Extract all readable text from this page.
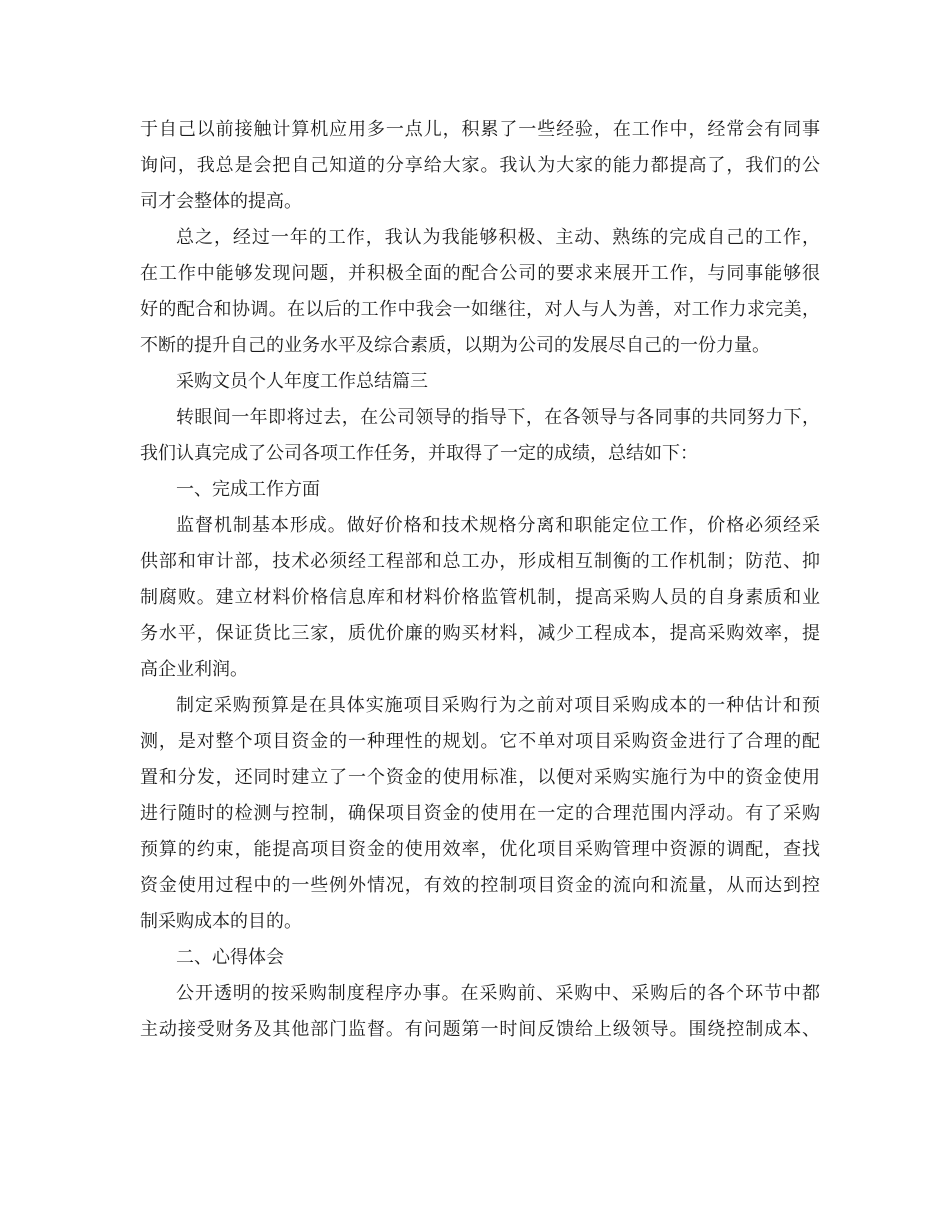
于自己以前接触计算机应用多一点儿，积累了一些经验，在工作中，经常会有同事
询问，我总是会把自己知道的分享给大家。我认为大家的能力都提高了，我们的公
司才会整体的提高。
总之，经过一年的工作，我认为我能够积极、主动、熟练的完成自己的工作，
在工作中能够发现问题，并积极全面的配合公司的要求来展开工作，与同事能够很
好的配合和协调。在以后的工作中我会一如继往，对人与人为善，对工作力求完美，
不断的提升自己的业务水平及综合素质，以期为公司的发展尽自己的一份力量。
采购文员个人年度工作总结篇三
转眼间一年即将过去，在公司领导的指导下，在各领导与各同事的共同努力下，
我们认真完成了公司各项工作任务，并取得了一定的成绩，总结如下：
一、完成工作方面
监督机制基本形成。做好价格和技术规格分离和职能定位工作，价格必须经采
供部和审计部，技术必须经工程部和总工办，形成相互制衡的工作机制；防范、抑
制腐败。建立材料价格信息库和材料价格监管机制，提高采购人员的自身素质和业
务水平，保证货比三家，质优价廉的购买材料，减少工程成本，提高采购效率，提
高企业利润。
制定采购预算是在具体实施项目采购行为之前对项目采购成本的一种估计和预
测，是对整个项目资金的一种理性的规划。它不单对项目采购资金进行了合理的配
置和分发，还同时建立了一个资金的使用标准，以便对采购实施行为中的资金使用
进行随时的检测与控制，确保项目资金的使用在一定的合理范围内浮动。有了采购
预算的约束，能提高项目资金的使用效率，优化项目采购管理中资源的调配，查找
资金使用过程中的一些例外情况，有效的控制项目资金的流向和流量，从而达到控
制采购成本的目的。
二、心得体会
公开透明的按采购制度程序办事。在采购前、采购中、采购后的各个环节中都
主动接受财务及其他部门监督。有问题第一时间反馈给上级领导。围绕控制成本、
